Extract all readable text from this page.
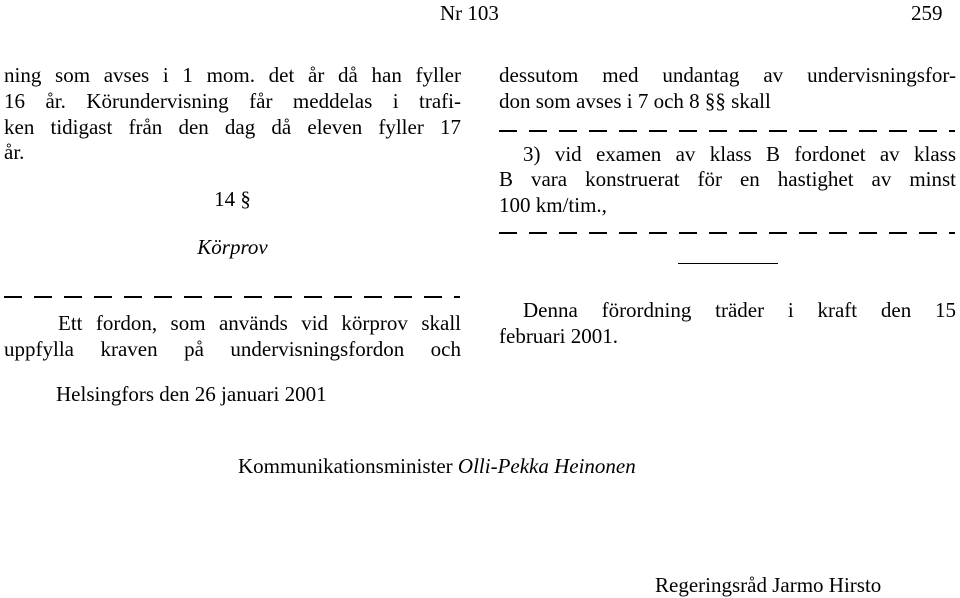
Nr 103	259
ning som avses i 1 mom. det år då han fyller
16 år. Körundervisning får meddelas i trafi-
ken tidigast från den dag då eleven fyller 17
år.
14 §
Körprov
Ett fordon, som används vid körprov skall
uppfylla kraven på undervisningsfordon och
dessutom med undantag av undervisningsfor-
don som avses i 7 och 8 §§ skall
3) vid examen av klass B fordonet av klass
B vara konstruerat för en hastighet av minst
100 km/tim.,
Denna förordning träder i kraft den 15
februari 2001.
Helsingfors den 26 januari 2001
Kommunikationsminister Olli-Pekka Heinonen
Regeringsråd Jarmo Hirsto
